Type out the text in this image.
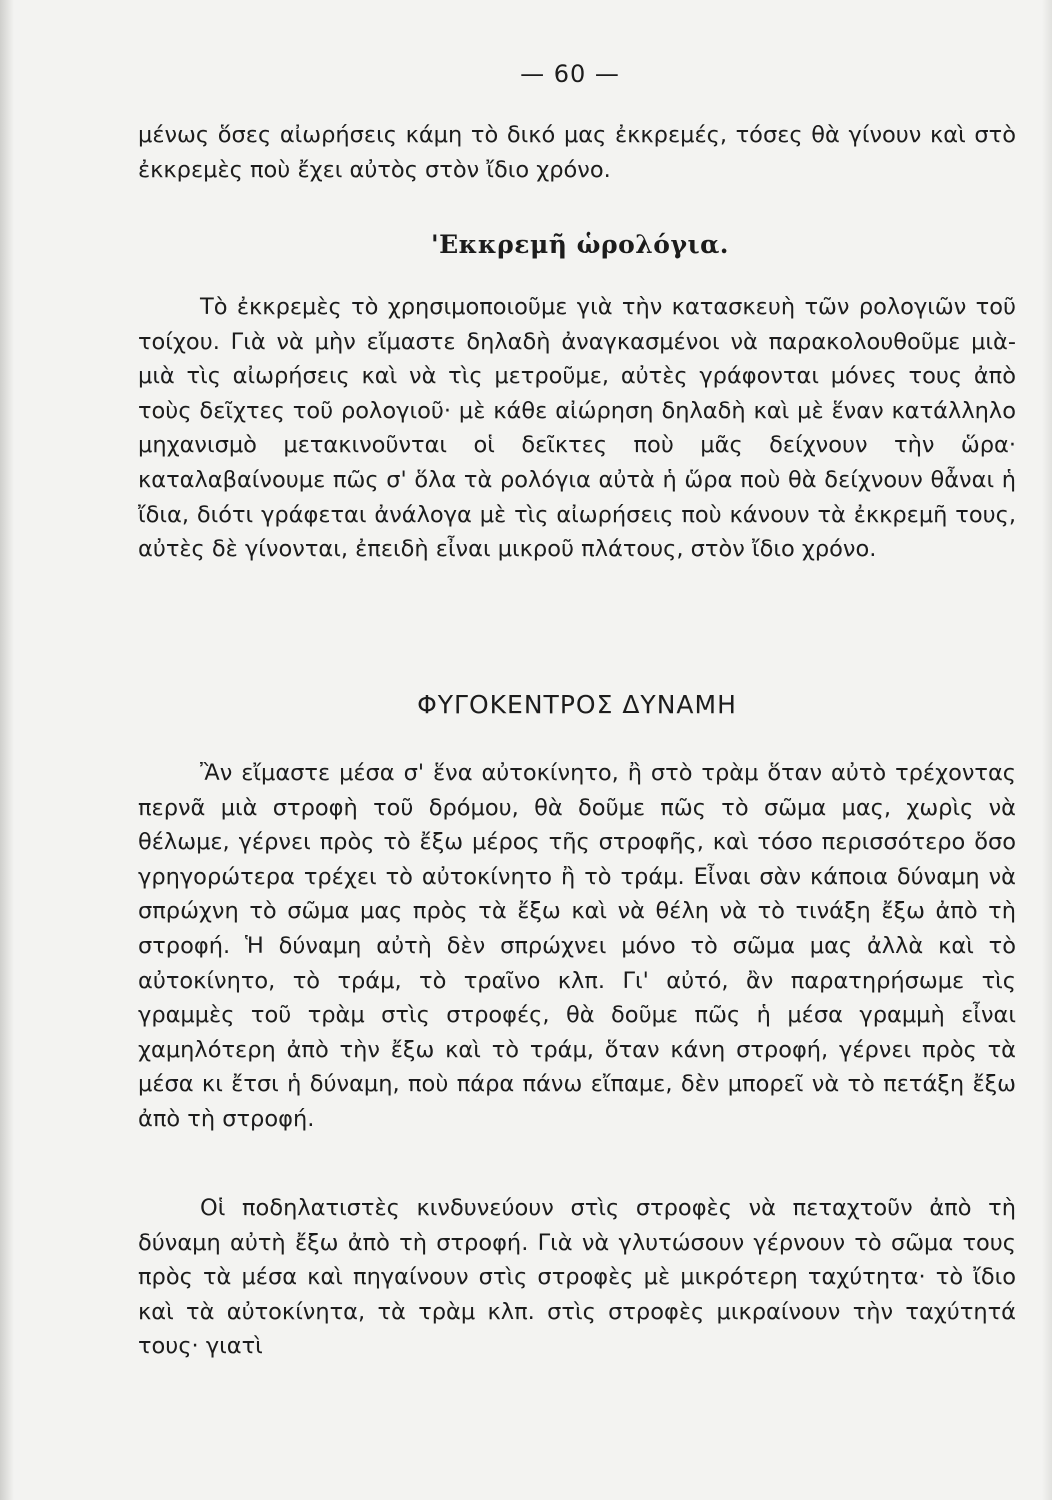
— 60 —

μένως ὅσες αἰωρήσεις κάμη τὸ δικό μας ἐκκρεμές, τόσες θὰ γίνουν καὶ στὸ ἐκκρεμὲς ποὺ ἔχει αὐτὸς στὸν ἴδιο χρόνο.

'Εκκρεμῆ ὡρολόγια.

Τὸ ἐκκρεμὲς τὸ χρησιμοποιοῦμε γιὰ τὴν κατασκευὴ τῶν ρολογιῶν τοῦ τοίχου. Γιὰ νὰ μὴν εἴμαστε δηλαδὴ ἀναγκασμένοι νὰ παρακολουθοῦμε μιὰ-μιὰ τὶς αἰωρήσεις καὶ νὰ τὶς μετροῦμε, αὐτὲς γράφονται μόνες τους ἀπὸ τοὺς δεῖχτες τοῦ ρολογιοῦ· μὲ κάθε αἰώρηση δηλαδὴ καὶ μὲ ἕναν κατάλληλο μηχανισμὸ μετακινοῦνται οἱ δεῖκτες ποὺ μᾶς δείχνουν τὴν ὥρα· καταλαβαίνουμε πῶς σ' ὅλα τὰ ρολόγια αὐτὰ ἡ ὥρα ποὺ θὰ δείχνουν θἆναι ἡ ἴδια, διότι γράφεται ἀνάλογα μὲ τὶς αἰωρήσεις ποὺ κάνουν τὰ ἐκκρεμῆ τους, αὐτὲς δὲ γίνονται, ἐπειδὴ εἶναι μικροῦ πλάτους, στὸν ἴδιο χρόνο.

ΦΥΓΟΚΕΝΤΡΟΣ ΔΥΝΑΜΗ

Ἂν εἴμαστε μέσα σ' ἕνα αὐτοκίνητο, ἢ στὸ τρὰμ ὅταν αὐτὸ τρέχοντας περνᾶ μιὰ στροφὴ τοῦ δρόμου, θὰ δοῦμε πῶς τὸ σῶμα μας, χωρὶς νὰ θέλωμε, γέρνει πρὸς τὸ ἔξω μέρος τῆς στροφῆς, καὶ τόσο περισσότερο ὅσο γρηγορώτερα τρέχει τὸ αὐτοκίνητο ἢ τὸ τράμ. Εἶναι σὰν κάποια δύναμη νὰ σπρώχνη τὸ σῶμα μας πρὸς τὰ ἔξω καὶ νὰ θέλη νὰ τὸ τινάξη ἔξω ἀπὸ τὴ στροφή. Ἡ δύναμη αὐτὴ δὲν σπρώχνει μόνο τὸ σῶμα μας ἀλλὰ καὶ τὸ αὐτοκίνητο, τὸ τράμ, τὸ τραῖνο κλπ. Γι' αὐτό, ἂν παρατηρήσωμε τὶς γραμμὲς τοῦ τρὰμ στὶς στροφές, θὰ δοῦμε πῶς ἡ μέσα γραμμὴ εἶναι χαμηλότερη ἀπὸ τὴν ἔξω καὶ τὸ τράμ, ὅταν κάνη στροφή, γέρνει πρὸς τὰ μέσα κι ἔτσι ἡ δύναμη, ποὺ πάρα πάνω εἴπαμε, δὲν μπορεῖ νὰ τὸ πετάξη ἔξω ἀπὸ τὴ στροφή.

Οἱ ποδηλατιστὲς κινδυνεύουν στὶς στροφὲς νὰ πεταχτοῦν ἀπὸ τὴ δύναμη αὐτὴ ἔξω ἀπὸ τὴ στροφή. Γιὰ νὰ γλυτώσουν γέρνουν τὸ σῶμα τους πρὸς τὰ μέσα καὶ πηγαίνουν στὶς στροφὲς μὲ μικρότερη ταχύτητα· τὸ ἴδιο καὶ τὰ αὐτοκίνητα, τὰ τρὰμ κλπ. στὶς στροφὲς μικραίνουν τὴν ταχύτητά τους· γιατὶ
